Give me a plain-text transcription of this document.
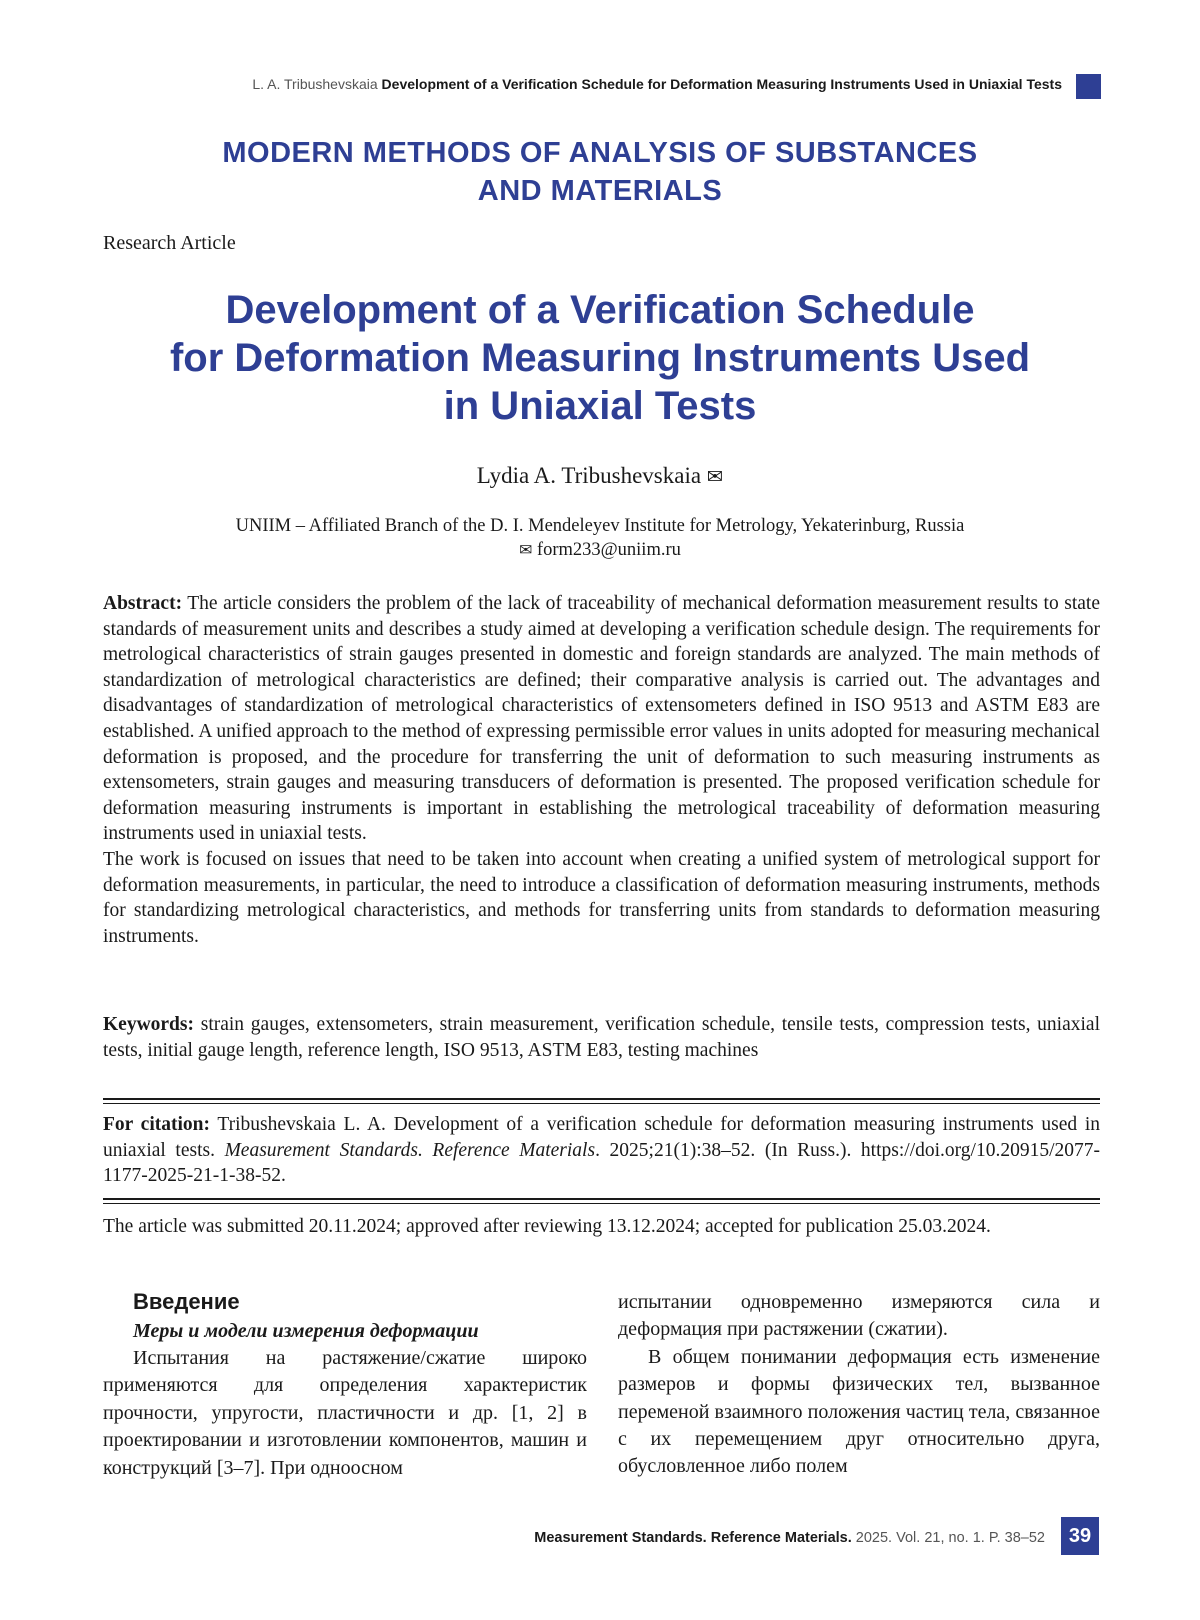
L. A. Tribushevskaia Development of a Verification Schedule for Deformation Measuring Instruments Used in Uniaxial Tests
MODERN METHODS OF ANALYSIS OF SUBSTANCES
AND MATERIALS
Research Article
Development of a Verification Schedule
for Deformation Measuring Instruments Used
in Uniaxial Tests
Lydia A. Tribushevskaia ✉
UNIIM – Affiliated Branch of the D. I. Mendeleyev Institute for Metrology, Yekaterinburg, Russia
✉ form233@uniim.ru

Abstract: The article considers the problem of the lack of traceability of mechanical deformation measurement results to state standards of measurement units and describes a study aimed at developing a verification schedule design. The requirements for metrological characteristics of strain gauges presented in domestic and foreign standards are analyzed. The main methods of standardization of metrological characteristics are defined; their comparative analysis is carried out. The advantages and disadvantages of standardization of metrological characteristics of extensometers defined in ISO 9513 and ASTM E83 are established. A unified approach to the method of expressing permissible error values in units adopted for measuring mechanical deformation is proposed, and the procedure for transferring the unit of deformation to such measuring instruments as extensometers, strain gauges and measuring transducers of deformation is presented. The proposed verification schedule for deformation measuring instruments is important in establishing the metrological traceability of deformation measuring instruments used in uniaxial tests.

The work is focused on issues that need to be taken into account when creating a unified system of metrological support for deformation measurements, in particular, the need to introduce a classification of deformation measuring instruments, methods for standardizing metrological characteristics, and methods for transferring units from standards to deformation measuring instruments.

Keywords: strain gauges, extensometers, strain measurement, verification schedule, tensile tests, compression tests, uniaxial tests, initial gauge length, reference length, ISO 9513, ASTM E83, testing machines
For citation: Tribushevskaia L. A. Development of a verification schedule for deformation measuring instruments used in uniaxial tests. Measurement Standards. Reference Materials. 2025;21(1):38–52. (In Russ.). https://doi.org/10.20915/2077-1177-2025-21-1-38-52.
The article was submitted 20.11.2024; approved after reviewing 13.12.2024; accepted for publication 25.03.2024.
Введение
Меры и модели измерения деформации

Испытания на растяжение/сжатие широко применяются для определения характеристик прочности, упругости, пластичности и др. [1, 2] в проектировании и изготовлении компонентов, машин и конструкций [3–7]. При одноосном

испытании одновременно измеряются сила и деформация при растяжении (сжатии).

В общем понимании деформация есть изменение размеров и формы физических тел, вызванное переменой взаимного положения частиц тела, связанное с их перемещением друг относительно друга, обусловленное либо полем

Measurement Standards. Reference Materials. 2025. Vol. 21, no. 1. P. 38–52	39
